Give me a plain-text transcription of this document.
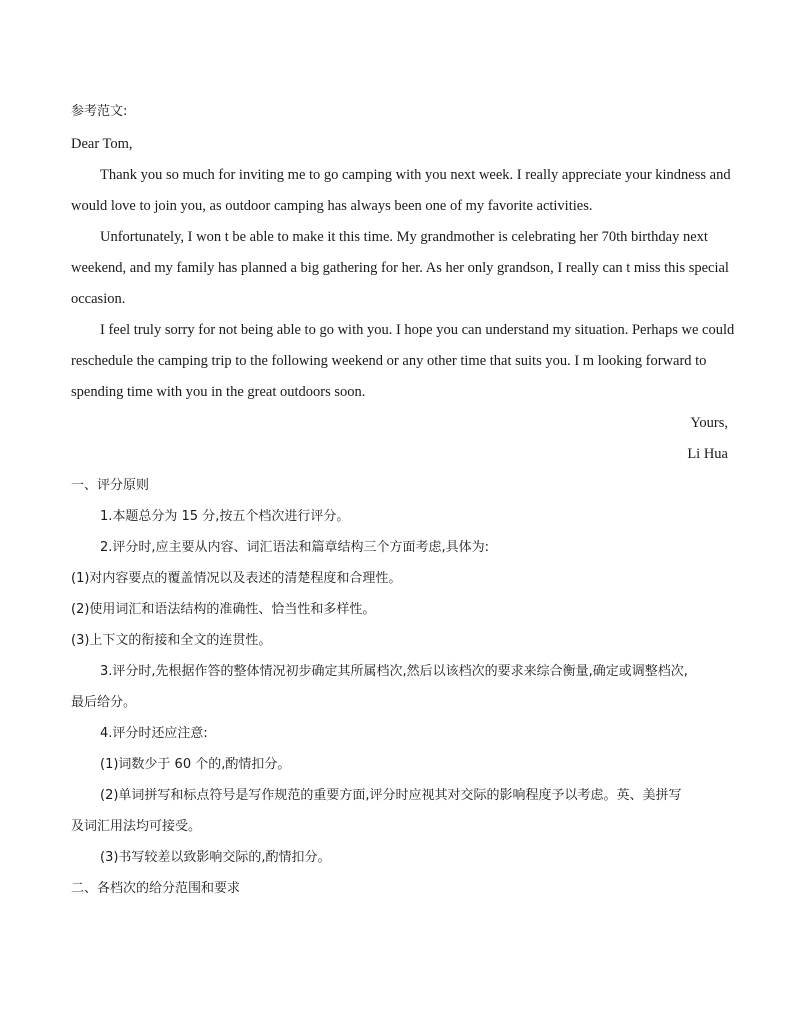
参考范文:
Dear Tom,
Thank you so much for inviting me to go camping with you next week. I really appreciate your kindness and
would love to join you, as outdoor camping has always been one of my favorite activities.
Unfortunately, I won t be able to make it this time. My grandmother is celebrating her 70th birthday next
weekend, and my family has planned a big gathering for her. As her only grandson, I really can t miss this special
occasion.
I feel truly sorry for not being able to go with you. I hope you can understand my situation. Perhaps we could
reschedule the camping trip to the following weekend or any other time that suits you. I m looking forward to
spending time with you in the great outdoors soon.
Yours,
Li Hua
一、评分原则
1.本题总分为 15 分,按五个档次进行评分。
2.评分时,应主要从内容、词汇语法和篇章结构三个方面考虑,具体为:
(1)对内容要点的覆盖情况以及表述的清楚程度和合理性。
(2)使用词汇和语法结构的准确性、恰当性和多样性。
(3)上下文的衔接和全文的连贯性。
3.评分时,先根据作答的整体情况初步确定其所属档次,然后以该档次的要求来综合衡量,确定或调整档次,
最后给分。
4.评分时还应注意:
(1)词数少于 60 个的,酌情扣分。
(2)单词拼写和标点符号是写作规范的重要方面,评分时应视其对交际的影响程度予以考虑。英、美拼写
及词汇用法均可接受。
(3)书写较差以致影响交际的,酌情扣分。
二、各档次的给分范围和要求
